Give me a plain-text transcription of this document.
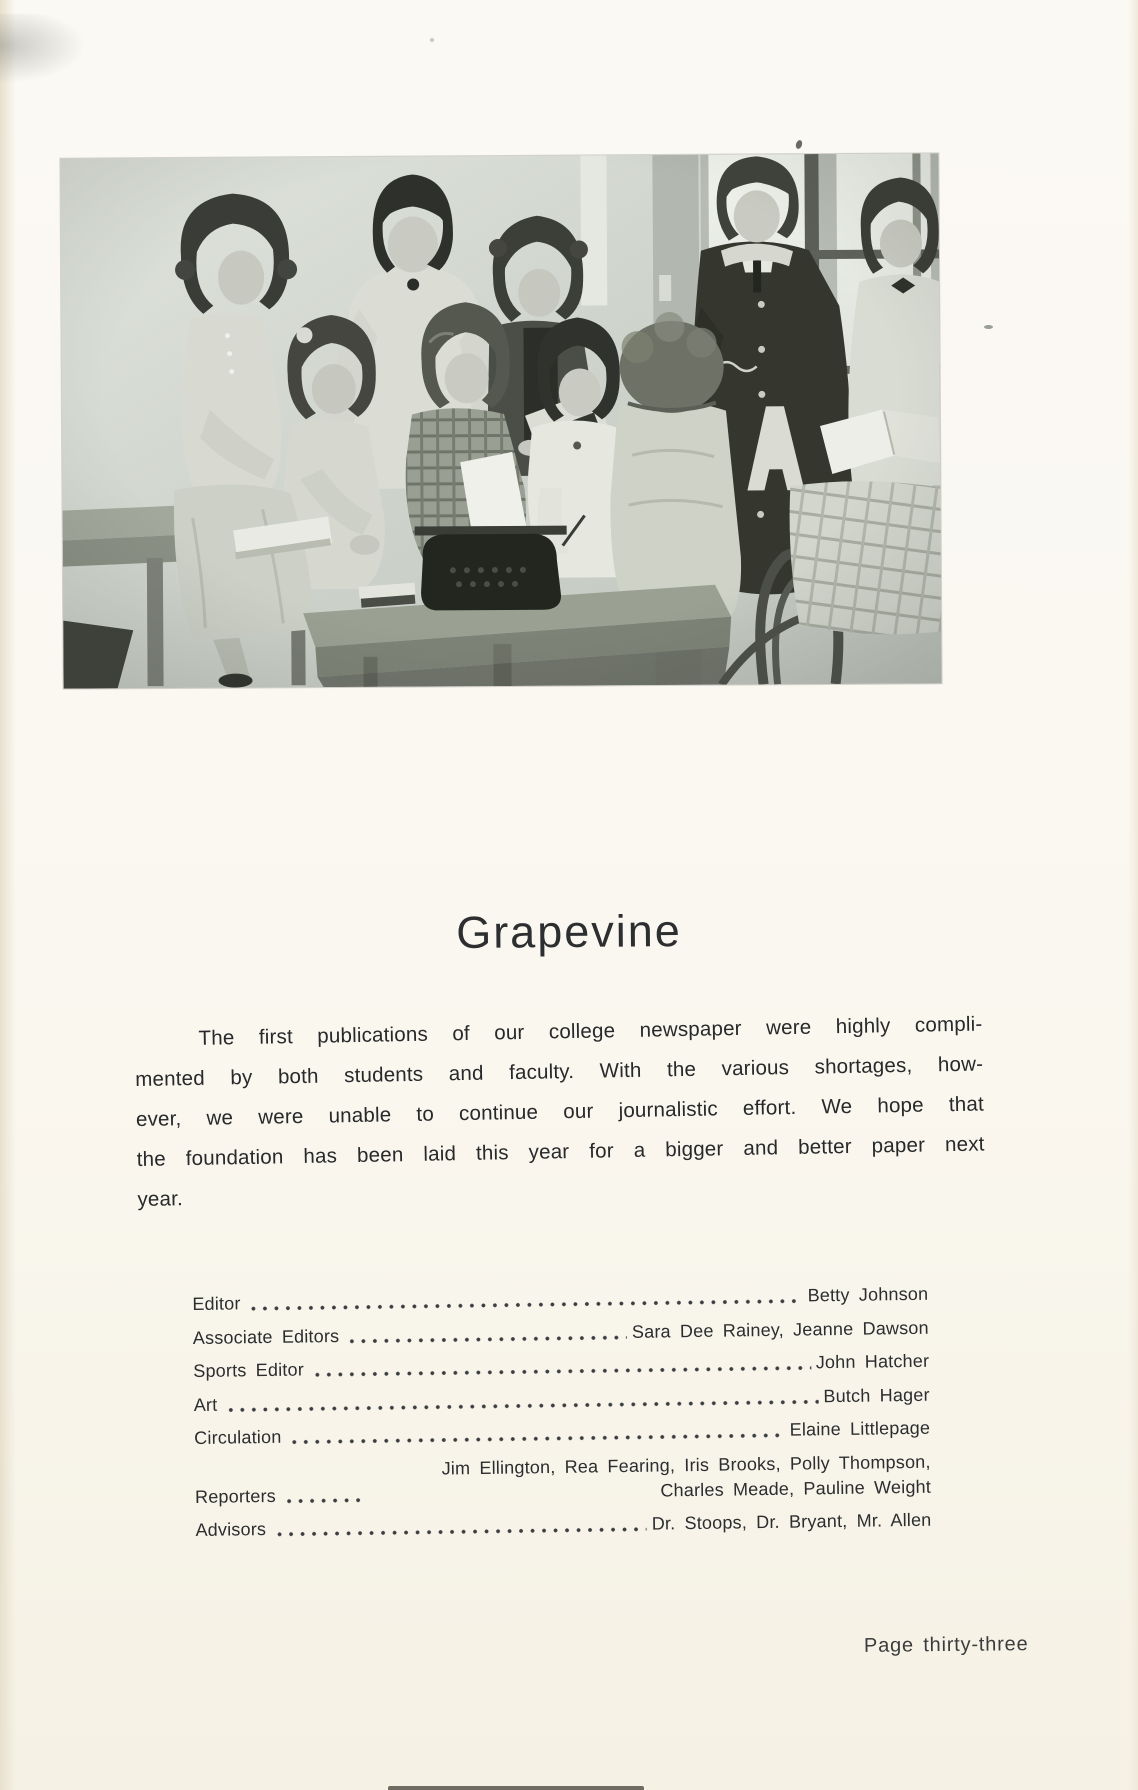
Grapevine
The first publications of our college newspaper were highly compli-
mented by both students and faculty. With the various shortages, how-
ever, we were unable to continue our journalistic effort. We hope that
the foundation has been laid this year for a bigger and better paper next
year.
Editor	Betty Johnson
Associate Editors	Sara Dee Rainey, Jeanne Dawson
Sports Editor	John Hatcher
Art	Butch Hager
Circulation	Elaine Littlepage
Reporters
Jim Ellington, Rea Fearing, Iris Brooks, Polly Thompson, Charles Meade, Pauline Weight
Advisors	Dr. Stoops, Dr. Bryant, Mr. Allen
Page thirty-three
